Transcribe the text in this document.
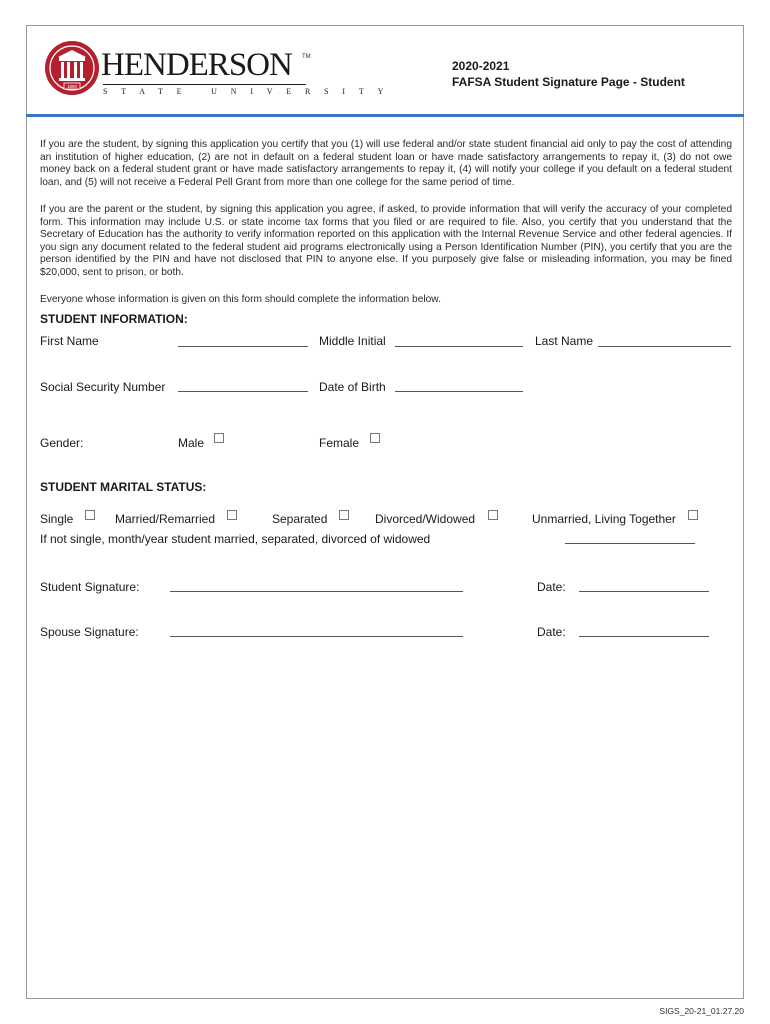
1890
HENDERSON TM
STATE UNIVERSITY
2020-2021
FAFSA Student Signature Page - Student
If you are the student, by signing this application you certify that you (1) will use federal and/or state student financial aid only to pay the cost of attending an institution of higher education, (2) are not in default on a federal student loan or have made satisfactory arrangements to repay it, (3) do not owe money back on a federal student grant or have made satisfactory arrangements to repay it, (4) will notify your college if you default on a federal student loan, and (5) will not receive a Federal Pell Grant from more than one college for the same period of time.
If you are the parent or the student, by signing this application you agree, if asked, to provide information that will verify the accuracy of your completed form. This information may include U.S. or state income tax forms that you filed or are required to file. Also, you certify that you understand that the Secretary of Education has the authority to verify information reported on this application with the Internal Revenue Service and other federal agencies. If you sign any document related to the federal student aid programs electronically using a Person Identification Number (PIN), you certify that you are the person identified by the PIN and have not disclosed that PIN to anyone else. If you purposely give false or misleading information, you may be fined $20,000, sent to prison, or both.
Everyone whose information is given on this form should complete the information below.
STUDENT INFORMATION:
First Name	Middle Initial	Last Name
Social Security Number	Date of Birth
Gender:	Male	Female
STUDENT MARITAL STATUS:
Single	Married/Remarried	Separated	Divorced/Widowed	Unmarried, Living Together
If not single, month/year student married, separated, divorced of widowed
Student Signature:	Date:
Spouse Signature:	Date:
SIGS_20-21_01.27.20
